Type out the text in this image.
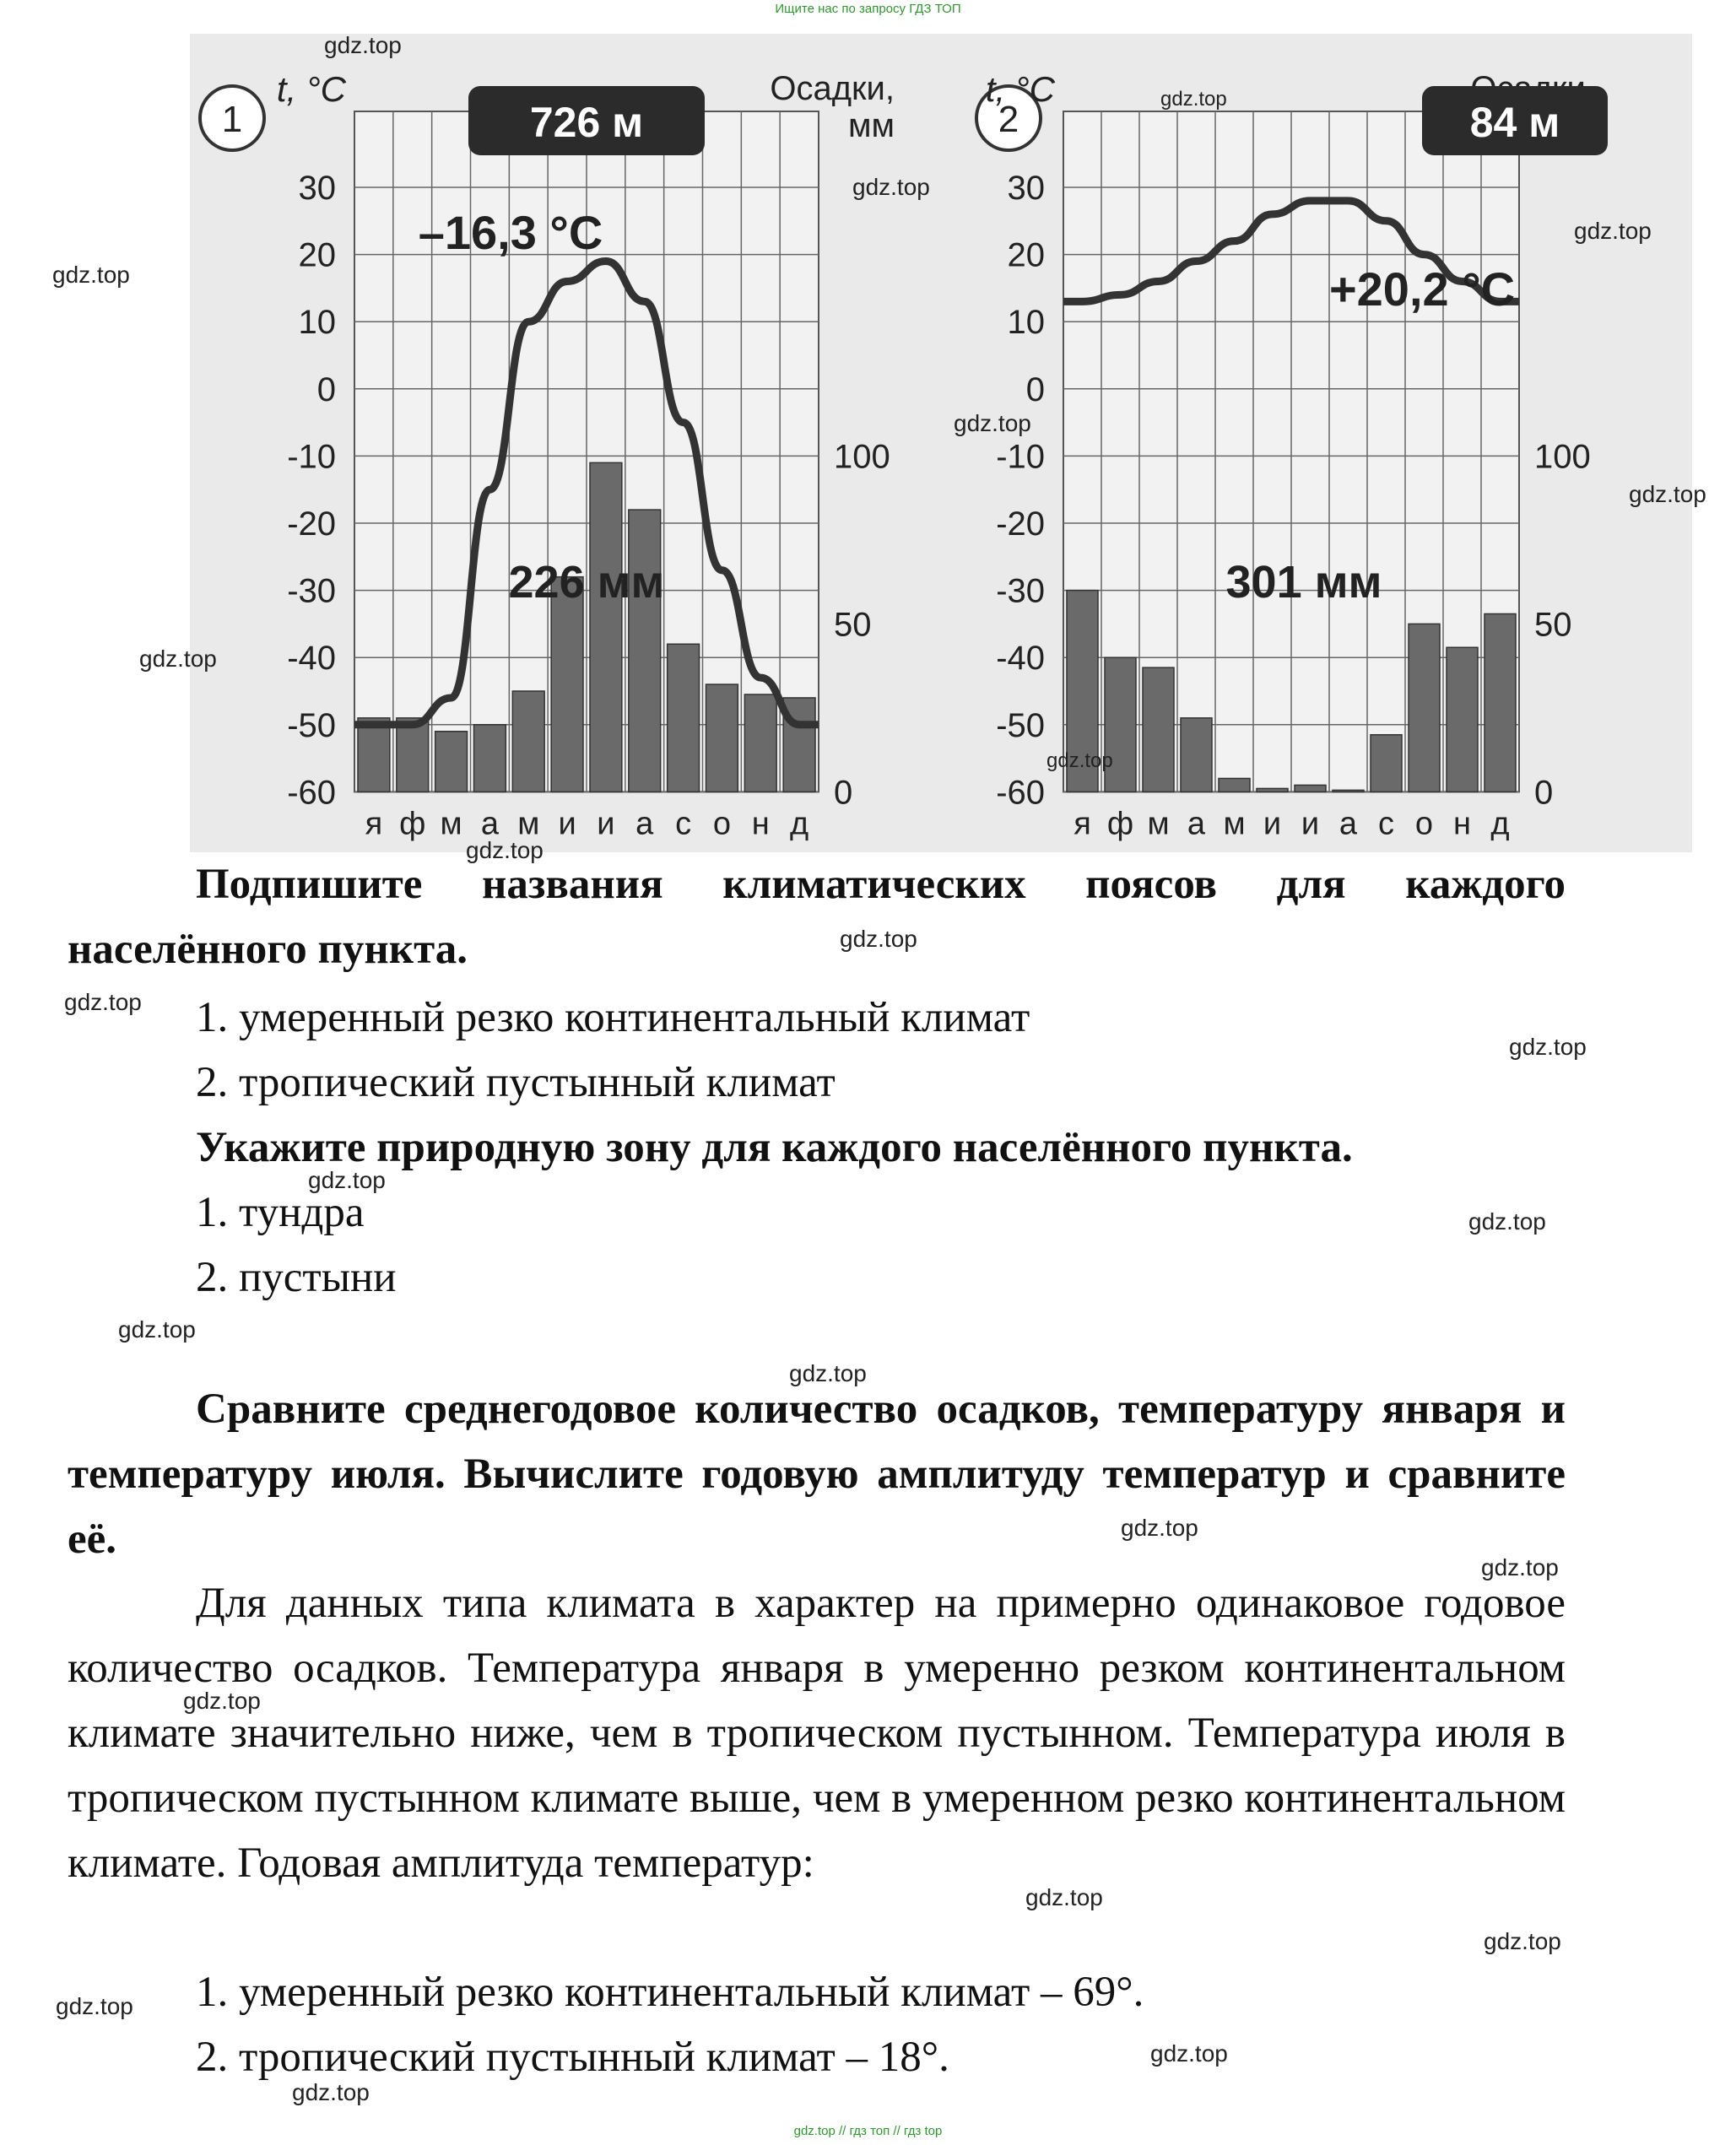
Ищите нас по запросу ГДЗ ТОП
30
20
10
0
-10
-20
-30
-40
-50
-60
100
50
0
я ф м а м и и а с о н д
1
t, °C	Осадки,
мм
726 м
–16,3 °C
226 мм
30
20
10
0
-10
-20
-30
-40
-50
-60
100
50
0
я ф м а м и и а с о н д
2
t, °C
84 м
+20,2 °C
301 мм
Подпишите названия климатических поясов для каждого населённого пункта.
1. умеренный резко континентальный климат
2. тропический пустынный климат
Укажите природную зону для каждого населённого пункта.
1. тундра
2. пустыни
Сравните среднегодовое количество осадков, температуру января и температуру июля. Вычислите годовую амплитуду температур и сравните её.
Для данных типа климата в характер на примерно одинаковое годовое количество осадков. Температура января в умеренно резком континентальном климате значительно ниже, чем в тропическом пустынном. Температура июля в тропическом пустынном климате выше, чем в умеренном резко континентальном климате. Годовая амплитуда температур:
1. умеренный резко континентальный климат – 69°.
2. тропический пустынный климат – 18°.
gdz.top
gdz.top
gdz.top
gdz.top
gdz.top
gdz.top
gdz.top
gdz.top
gdz.top
gdz.top
gdz.top
gdz.top
gdz.top
gdz.top
gdz.top
gdz.top
gdz.top
gdz.top
gdz.top
gdz.top
gdz.top
gdz.top
gdz.top
gdz.top
gdz.top
gdz.top // гдз топ // гдз top
